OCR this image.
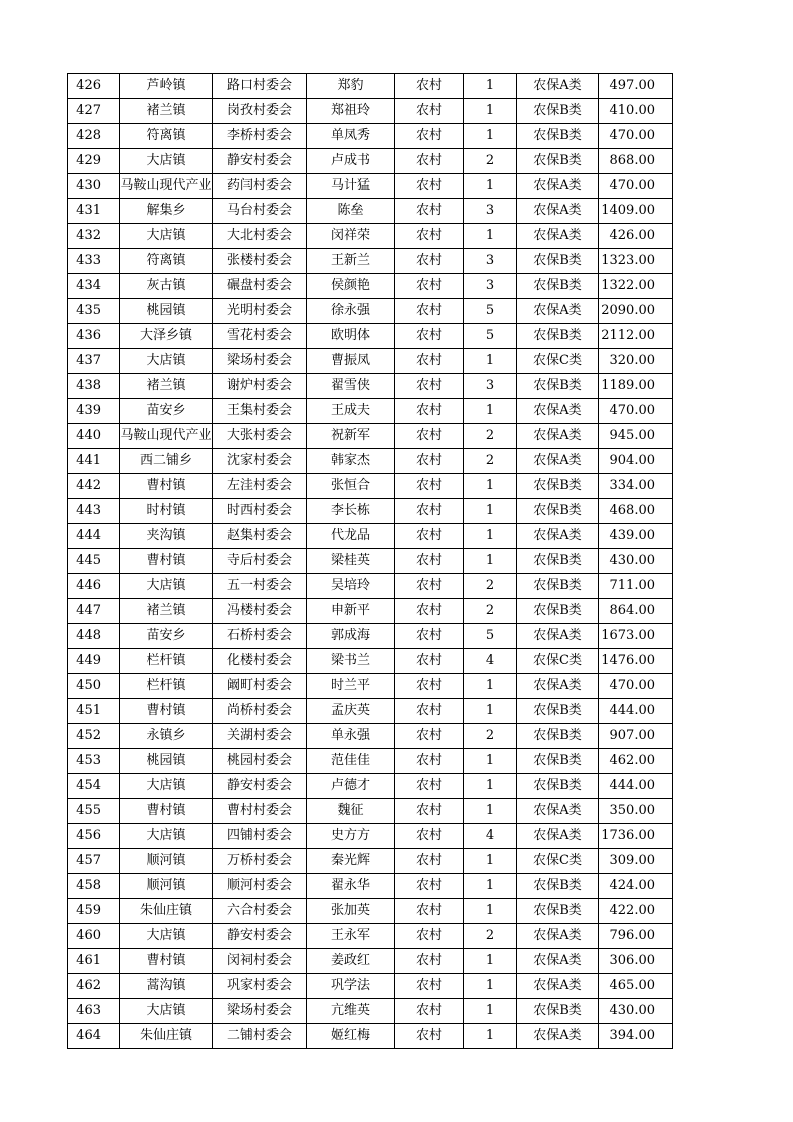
426	芦岭镇	路口村委会	郑豹	农村	1	农保A类	497.00
427	褚兰镇	岗孜村委会	郑祖玲	农村	1	农保B类	410.00
428	符离镇	李桥村委会	单凤秀	农村	1	农保B类	470.00
429	大店镇	静安村委会	卢成书	农村	2	农保B类	868.00
430	马鞍山现代产业	药闫村委会	马计猛	农村	1	农保A类	470.00
431	解集乡	马台村委会	陈垒	农村	3	农保A类	1409.00
432	大店镇	大北村委会	闵祥荣	农村	1	农保A类	426.00
433	符离镇	张楼村委会	王新兰	农村	3	农保B类	1323.00
434	灰古镇	碾盘村委会	侯颜艳	农村	3	农保B类	1322.00
435	桃园镇	光明村委会	徐永强	农村	5	农保A类	2090.00
436	大泽乡镇	雪花村委会	欧明体	农村	5	农保B类	2112.00
437	大店镇	梁场村委会	曹振凤	农村	1	农保C类	320.00
438	褚兰镇	谢炉村委会	翟雪侠	农村	3	农保B类	1189.00
439	苗安乡	王集村委会	王成夫	农村	1	农保A类	470.00
440	马鞍山现代产业	大张村委会	祝新军	农村	2	农保A类	945.00
441	西二铺乡	沈家村委会	韩家杰	农村	2	农保A类	904.00
442	曹村镇	左洼村委会	张恒合	农村	1	农保B类	334.00
443	时村镇	时西村委会	李长栋	农村	1	农保B类	468.00
444	夹沟镇	赵集村委会	代龙品	农村	1	农保A类	439.00
445	曹村镇	寺后村委会	梁桂英	农村	1	农保B类	430.00
446	大店镇	五一村委会	吴培玲	农村	2	农保B类	711.00
447	褚兰镇	冯楼村委会	申新平	农村	2	农保B类	864.00
448	苗安乡	石桥村委会	郭成海	农村	5	农保A类	1673.00
449	栏杆镇	化楼村委会	梁书兰	农村	4	农保C类	1476.00
450	栏杆镇	阚町村委会	时兰平	农村	1	农保A类	470.00
451	曹村镇	尚桥村委会	孟庆英	农村	1	农保B类	444.00
452	永镇乡	关湖村委会	单永强	农村	2	农保B类	907.00
453	桃园镇	桃园村委会	范佳佳	农村	1	农保B类	462.00
454	大店镇	静安村委会	卢德才	农村	1	农保B类	444.00
455	曹村镇	曹村村委会	魏征	农村	1	农保A类	350.00
456	大店镇	四铺村委会	史方方	农村	4	农保A类	1736.00
457	顺河镇	万桥村委会	秦光辉	农村	1	农保C类	309.00
458	顺河镇	顺河村委会	翟永华	农村	1	农保B类	424.00
459	朱仙庄镇	六合村委会	张加英	农村	1	农保B类	422.00
460	大店镇	静安村委会	王永军	农村	2	农保A类	796.00
461	曹村镇	闵祠村委会	姜政红	农村	1	农保A类	306.00
462	蒿沟镇	巩家村委会	巩学法	农村	1	农保A类	465.00
463	大店镇	梁场村委会	亢维英	农村	1	农保B类	430.00
464	朱仙庄镇	二铺村委会	姬红梅	农村	1	农保A类	394.00
